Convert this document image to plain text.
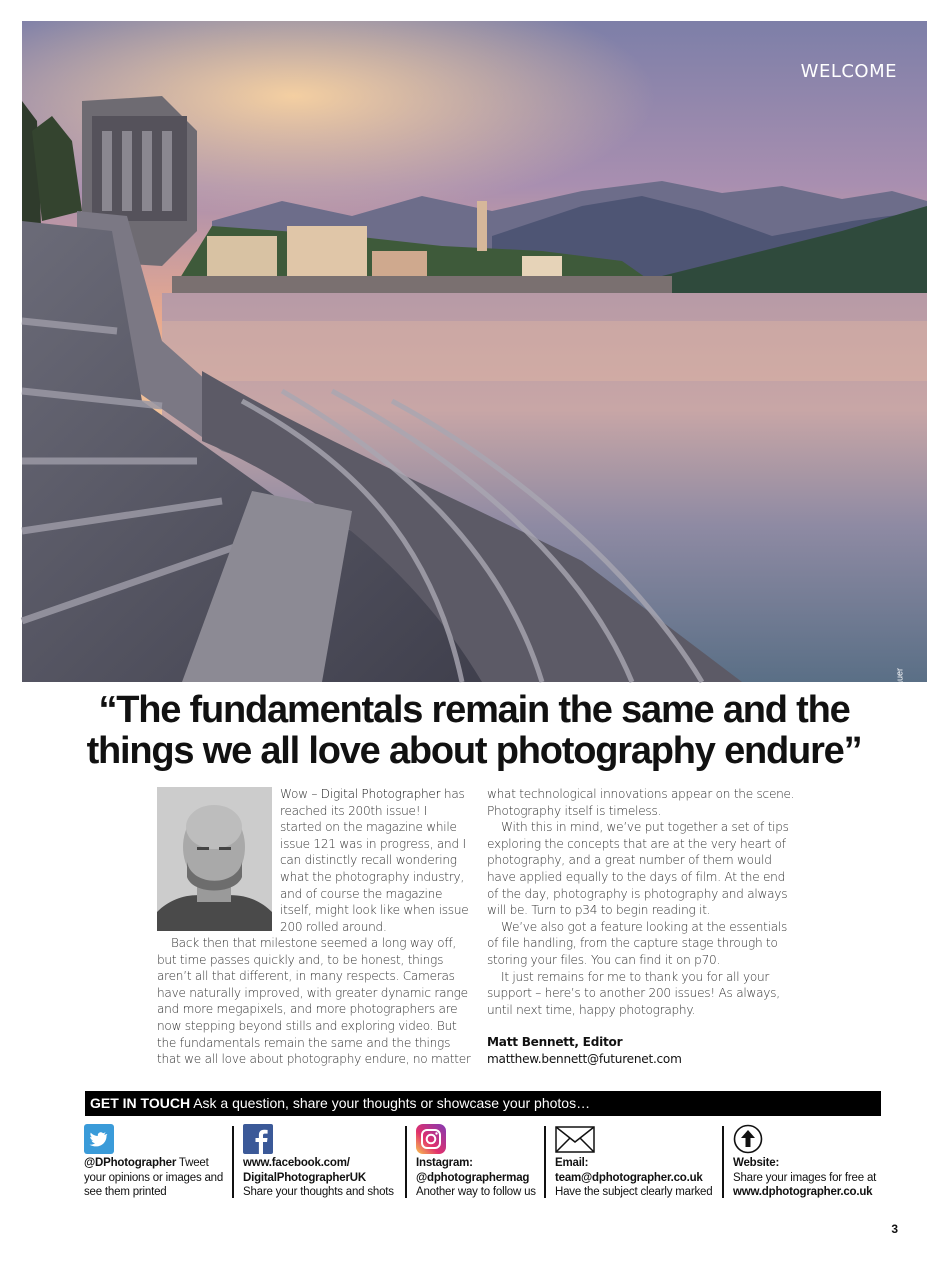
WELCOME
© Mark Bauer
“The fundamentals remain the same and the
things we all love about photography endure”

Wow – Digital Photographer has reached its 200th issue! I started on the magazine while issue 121 was in progress, and I can distinctly recall wondering what the photography industry, and of course the magazine itself, might look like when issue 200 rolled around.

Back then that milestone seemed a long way off, but time passes quickly and, to be honest, things aren’t all that different, in many respects. Cameras have naturally improved, with greater dynamic range and more megapixels, and more photographers are now stepping beyond stills and exploring video. But the fundamentals remain the same and the things that we all love about photography endure, no matter

what technological innovations appear on the scene. Photography itself is timeless.

With this in mind, we’ve put together a set of tips exploring the concepts that are at the very heart of photography, and a great number of them would have applied equally to the days of film. At the end of the day, photography is photography and always will be. Turn to p34 to begin reading it.

We’ve also got a feature looking at the essentials of file handling, from the capture stage through to storing your files. You can find it on p70.

It just remains for me to thank you for all your support – here’s to another 200 issues! As always, until next time, happy photography.

Matt Bennett, Editor
matthew.bennett@futurenet.com

GET IN TOUCH Ask a question, share your thoughts or showcase your photos…
@DPhotographer Tweet your opinions or images and see them printed
www.facebook.com/ DigitalPhotographerUK
Share your thoughts and shots
Instagram: @dphotographermag
Another way to follow us
Email: team@dphotographer.co.uk
Have the subject clearly marked
Website:
Share your images for free at
www.dphotographer.co.uk
3
